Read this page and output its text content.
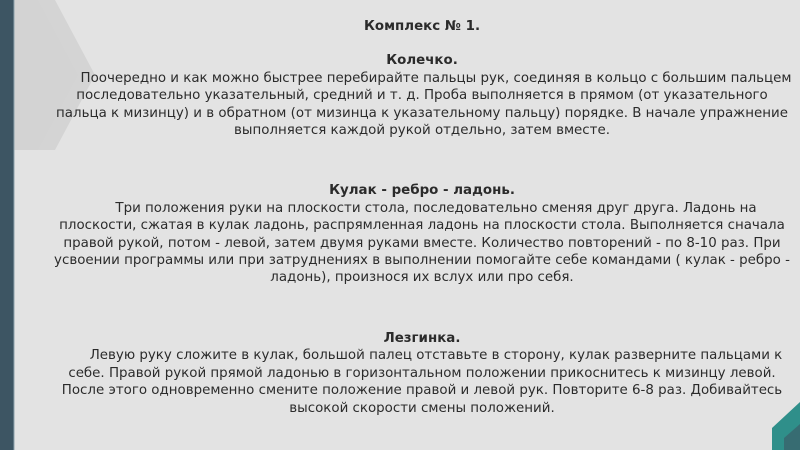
Комплекс № 1.
Колечко.

Поочередно и как можно быстрее перебирайте пальцы рук, соединяя в кольцо с большим пальцем последовательно указательный, средний и т. д. Проба выполняется в прямом (от указательного пальца к мизинцу) и в обратном (от мизинца к указательному пальцу) порядке. В начале упражнение выполняется каждой рукой отдельно, затем вместе.

Кулак - ребро - ладонь.

Три положения руки на плоскости стола, последовательно сменяя друг друга. Ладонь на плоскости, сжатая в кулак ладонь, распрямленная ладонь на плоскости стола. Выполняется сначала правой рукой, потом - левой, затем двумя руками вместе. Количество повторений - по 8-10 раз. При усвоении программы или при затруднениях в выполнении помогайте себе командами ( кулак - ребро - ладонь), произнося их вслух или про себя.

Лезгинка.

Левую руку сложите в кулак, большой палец отставьте в сторону, кулак разверните пальцами к себе. Правой рукой прямой ладонью в горизонтальном положении прикоснитесь к мизинцу левой. После этого одновременно смените положение правой и левой рук. Повторите 6-8 раз. Добивайтесь высокой скорости смены положений.
